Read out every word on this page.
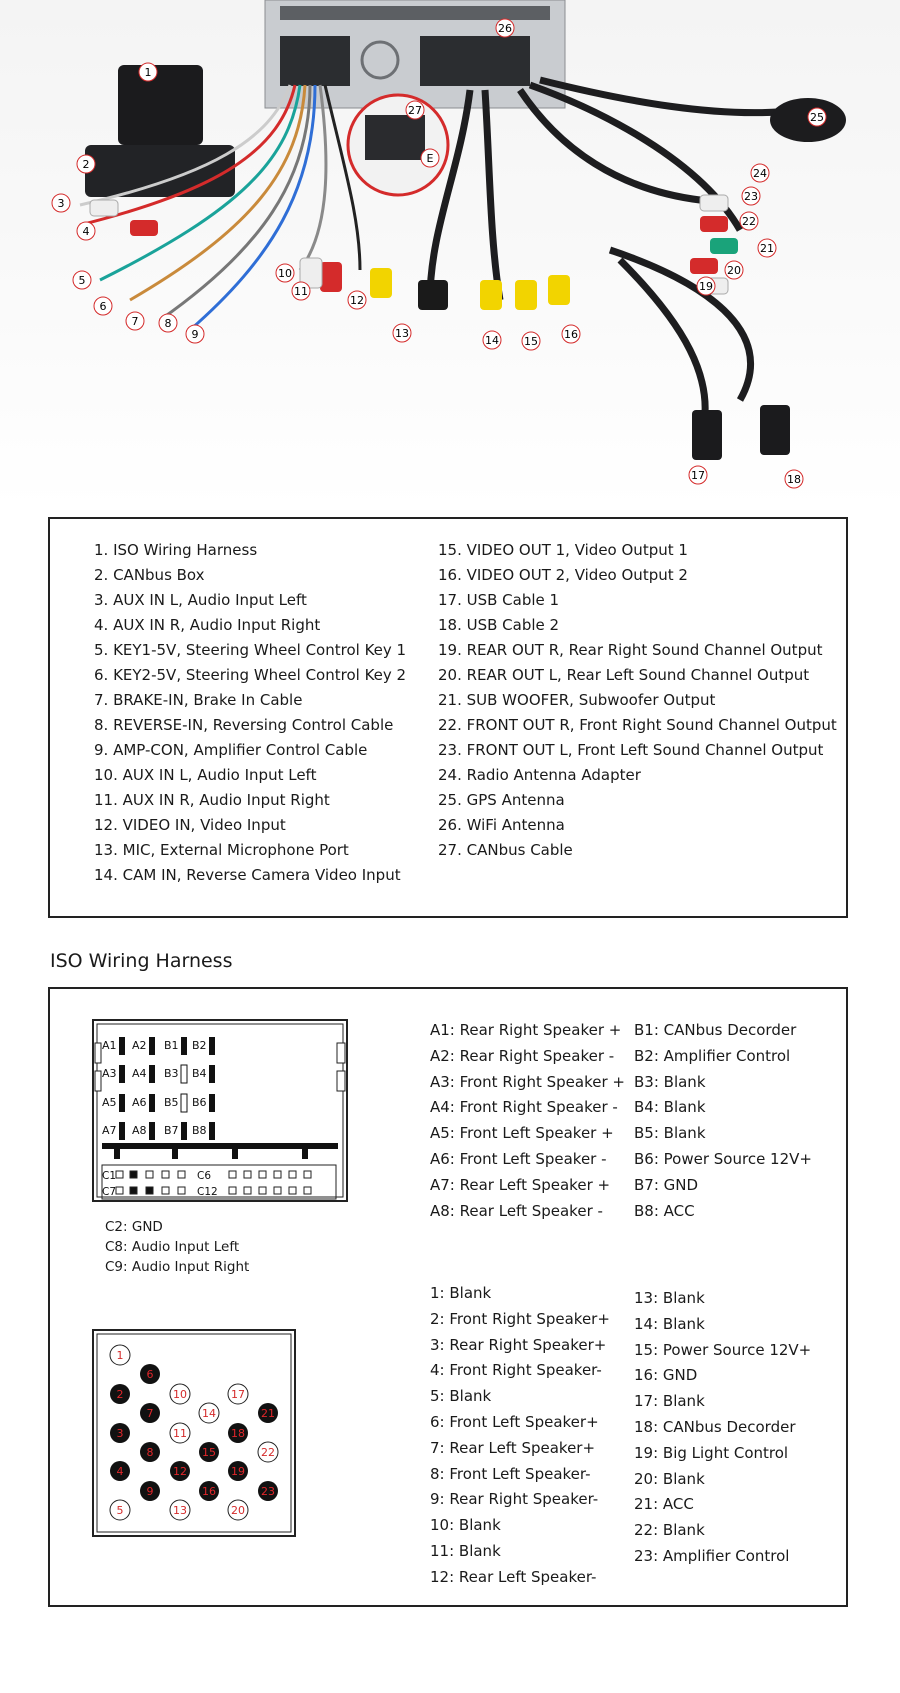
1
2
3
4
5
6
7 8
9
10
11
12
13
14 15
16
17	18
19
20
21
22
23
24
25
26
27
E
1. ISO Wiring Harness
2. CANbus Box
3. AUX IN L, Audio Input Left
4. AUX IN R, Audio Input Right
5. KEY1-5V, Steering Wheel Control Key 1
6. KEY2-5V, Steering Wheel Control Key 2
7. BRAKE-IN, Brake In Cable
8. REVERSE-IN, Reversing Control Cable
9. AMP-CON, Amplifier Control Cable
10. AUX IN L, Audio Input Left
11. AUX IN R, Audio Input Right
12. VIDEO IN, Video Input
13. MIC, External Microphone Port
14. CAM IN, Reverse Camera Video Input
15. VIDEO OUT 1, Video Output 1
16. VIDEO OUT 2, Video Output 2
17. USB Cable 1
18. USB Cable 2
19. REAR OUT R, Rear Right Sound Channel Output
20. REAR OUT L, Rear Left Sound Channel Output
21. SUB WOOFER, Subwoofer Output
22. FRONT OUT R, Front Right Sound Channel Output
23. FRONT OUT L, Front Left Sound Channel Output
24. Radio Antenna Adapter
25. GPS Antenna
26. WiFi Antenna
27. CANbus Cable
ISO Wiring Harness
A1 A2 B1 B2
A3 A4 B3 B4
A5 A6 B5 B6
A7 A8 B7 B8
C1	C6
C7	C12
C2: GND
C8: Audio Input Left
C9: Audio Input Right
A1: Rear Right Speaker +
A2: Rear Right Speaker -
A3: Front Right Speaker +
A4: Front Right Speaker -
A5: Front Left Speaker +
A6: Front Left Speaker -
A7: Rear Left Speaker +
A8: Rear Left Speaker -
B1: CANbus Decorder
B2: Amplifier Control
B3: Blank
B4: Blank
B5: Blank
B6: Power Source 12V+
B7: GND
B8: ACC
1
2
3
4
5
6
7
8
9
10
11
12
13
14
15
16
17
18
19
20
21
22
23
1: Blank
2: Front Right Speaker+
3: Rear Right Speaker+
4: Front Right Speaker-
5: Blank
6: Front Left Speaker+
7: Rear Left Speaker+
8: Front Left Speaker-
9: Rear Right Speaker-
10: Blank
11: Blank
12: Rear Left Speaker-
13: Blank
14: Blank
15: Power Source 12V+
16: GND
17: Blank
18: CANbus Decorder
19: Big Light Control
20: Blank
21: ACC
22: Blank
23: Amplifier Control
